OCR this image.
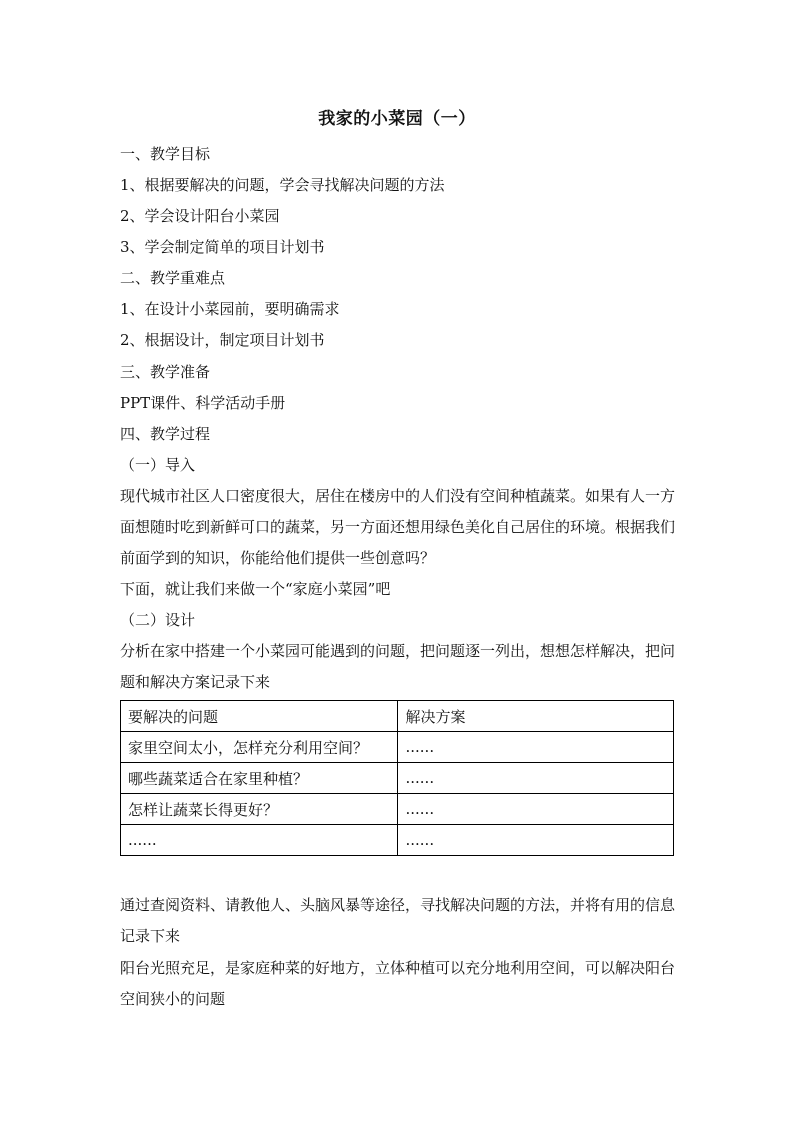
我家的小菜园（一）
一、教学目标
1、根据要解决的问题，学会寻找解决问题的方法
2、学会设计阳台小菜园
3、学会制定简单的项目计划书
二、教学重难点
1、在设计小菜园前，要明确需求
2、根据设计，制定项目计划书
三、教学准备
PPT课件、科学活动手册
四、教学过程
（一）导入
现代城市社区人口密度很大，居住在楼房中的人们没有空间种植蔬菜。如果有人一方面想随时吃到新鲜可口的蔬菜，另一方面还想用绿色美化自己居住的环境。根据我们前面学到的知识，你能给他们提供一些创意吗？
下面，就让我们来做一个“家庭小菜园”吧
（二）设计
分析在家中搭建一个小菜园可能遇到的问题，把问题逐一列出，想想怎样解决，把问题和解决方案记录下来
要解决的问题	解决方案
家里空间太小，怎样充分利用空间？	......
哪些蔬菜适合在家里种植？	......
怎样让蔬菜长得更好？	......
......	......
通过查阅资料、请教他人、头脑风暴等途径，寻找解决问题的方法，并将有用的信息记录下来
阳台光照充足，是家庭种菜的好地方，立体种植可以充分地利用空间，可以解决阳台空间狭小的问题
